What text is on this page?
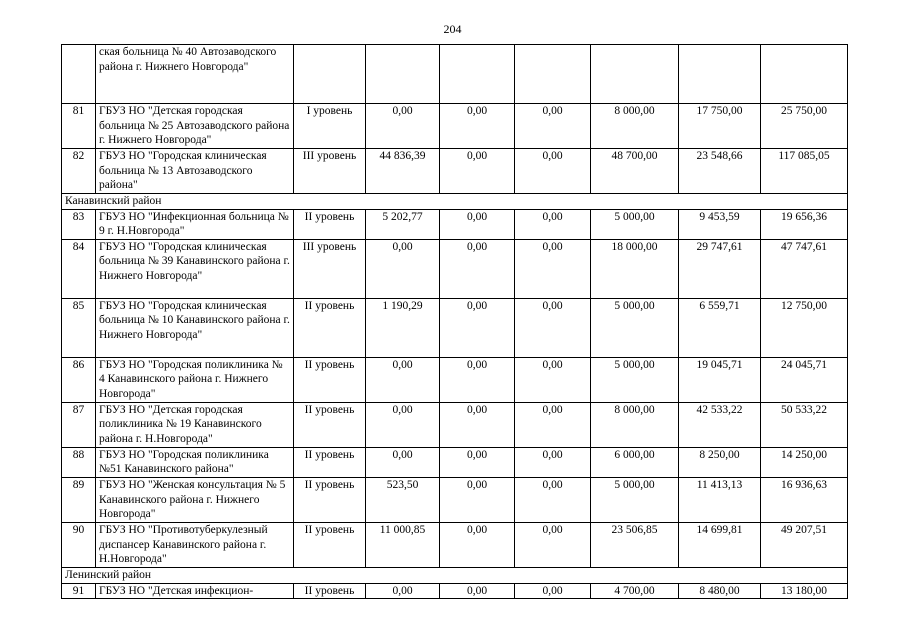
204
	ская больница № 40 Автозаводского района г. Нижнего Новгорода"							
81	ГБУЗ НО "Детская городская больница № 25 Автозаводского района г. Нижнего Новгорода"	I уровень	0,00	0,00	0,00	8 000,00	17 750,00	25 750,00
82	ГБУЗ НО "Городская клиническая больница № 13 Автозаводского района"	III уровень	44 836,39	0,00	0,00	48 700,00	23 548,66	117 085,05
Канавинский район								
83	ГБУЗ НО "Инфекционная больница № 9 г. Н.Новгорода"	II уровень	5 202,77	0,00	0,00	5 000,00	9 453,59	19 656,36
84	ГБУЗ НО "Городская клиническая больница № 39 Канавинского района г. Нижнего Новгорода"	III уровень	0,00	0,00	0,00	18 000,00	29 747,61	47 747,61
85	ГБУЗ НО "Городская клиническая больница № 10 Канавинского района г. Нижнего Новгорода"	II уровень	1 190,29	0,00	0,00	5 000,00	6 559,71	12 750,00
86	ГБУЗ НО "Городская поликлиника № 4 Канавинского района г. Нижнего Новгорода"	II уровень	0,00	0,00	0,00	5 000,00	19 045,71	24 045,71
87	ГБУЗ НО "Детская городская поликлиника № 19 Канавинского района г. Н.Новгорода"	II уровень	0,00	0,00	0,00	8 000,00	42 533,22	50 533,22
88	ГБУЗ НО "Городская поликлиника №51 Канавинского района"	II уровень	0,00	0,00	0,00	6 000,00	8 250,00	14 250,00
89	ГБУЗ НО "Женская консультация № 5 Канавинского района г. Нижнего Новгорода"	II уровень	523,50	0,00	0,00	5 000,00	11 413,13	16 936,63
90	ГБУЗ НО "Противотуберкулезный диспансер Канавинского района г. Н.Новгорода"	II уровень	11 000,85	0,00	0,00	23 506,85	14 699,81	49 207,51
Ленинский район								
91	ГБУЗ НО "Детская инфекцион-	II уровень	0,00	0,00	0,00	4 700,00	8 480,00	13 180,00
